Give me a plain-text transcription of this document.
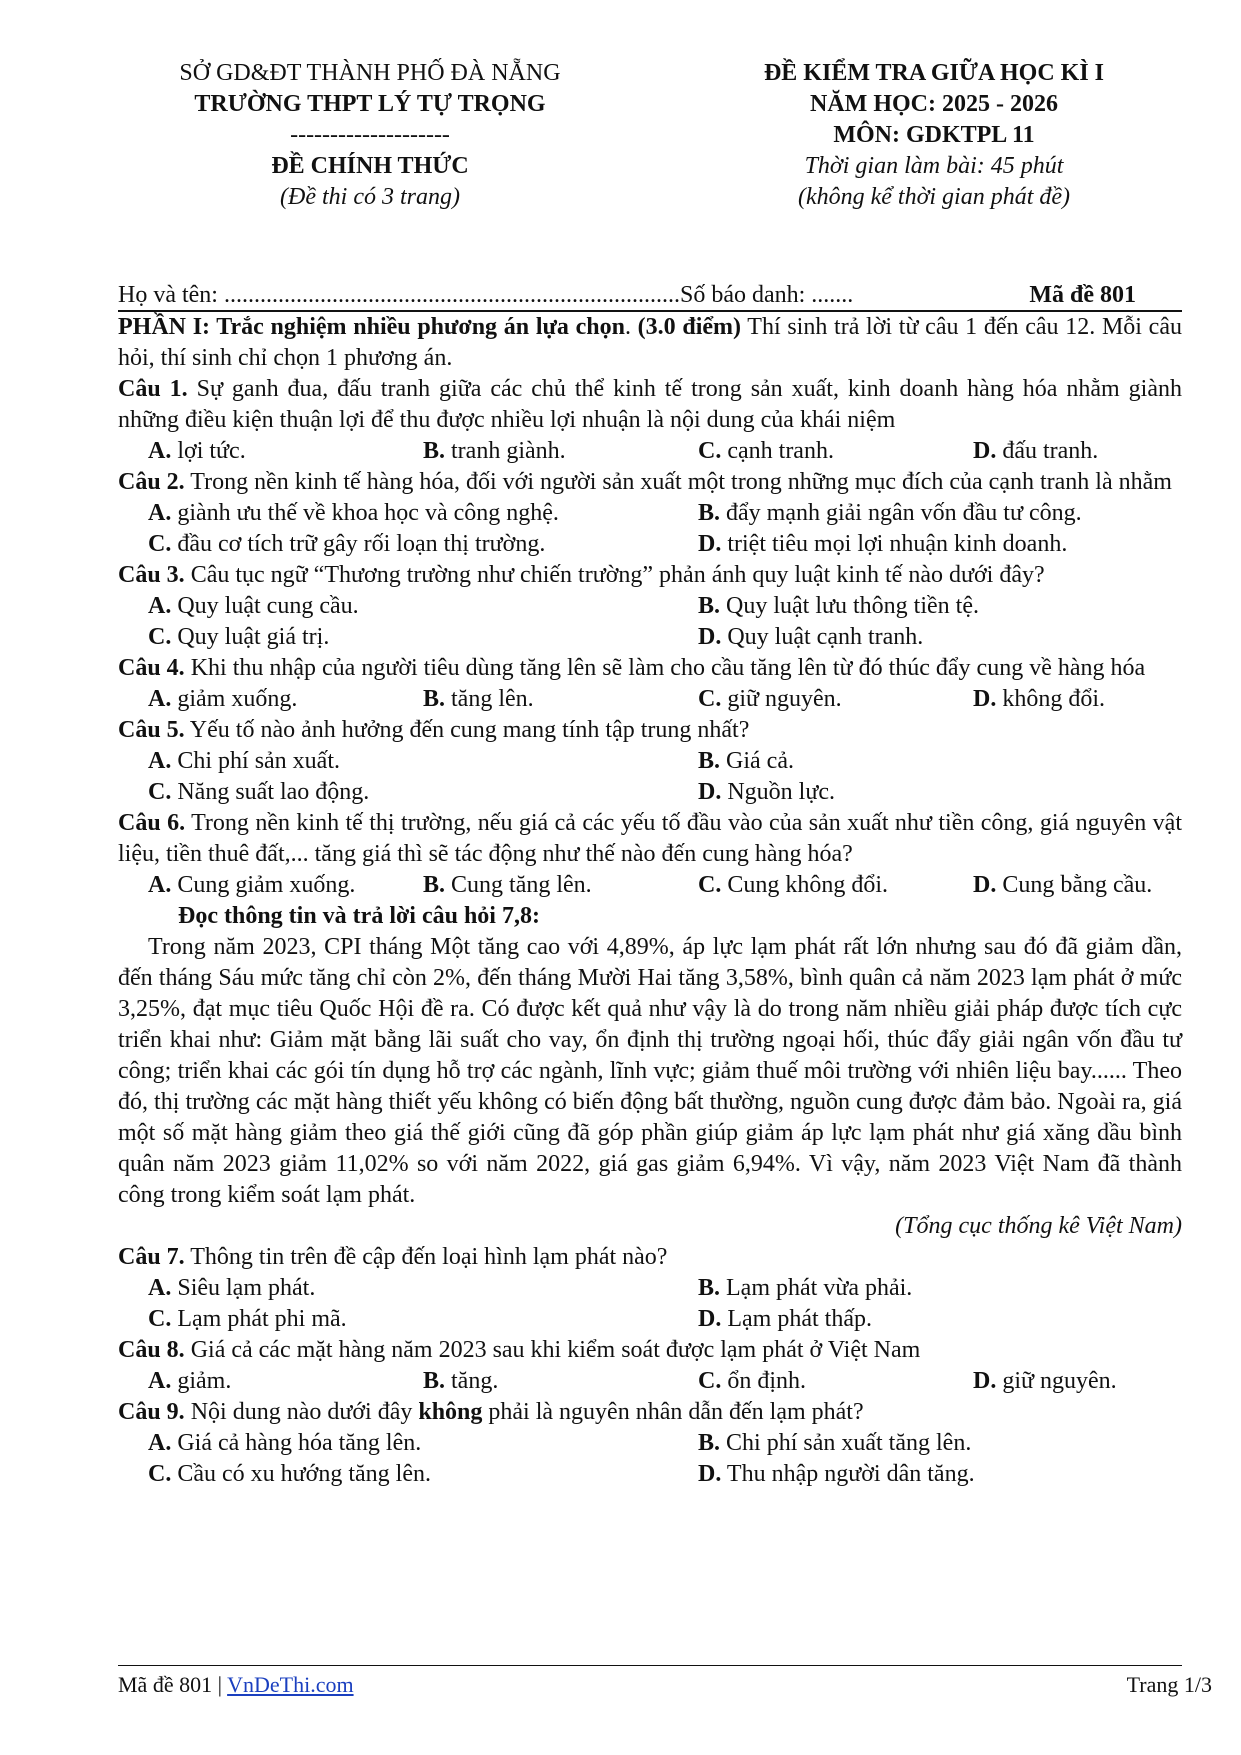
SỞ GD&ĐT THÀNH PHỐ ĐÀ NẴNG
TRƯỜNG THPT LÝ TỰ TRỌNG
--------------------
ĐỀ CHÍNH THỨC
(Đề thi có 3 trang)
ĐỀ KIỂM TRA GIỮA HỌC KÌ I
NĂM HỌC: 2025 - 2026
MÔN: GDKTPL 11
Thời gian làm bài: 45 phút
(không kể thời gian phát đề)
Họ và tên: ............................................................................Số báo danh: .......	Mã đề 801

PHẦN I: Trắc nghiệm nhiều phương án lựa chọn. (3.0 điểm) Thí sinh trả lời từ câu 1 đến câu 12. Mỗi câu hỏi, thí sinh chỉ chọn 1 phương án.

Câu 1. Sự ganh đua, đấu tranh giữa các chủ thể kinh tế trong sản xuất, kinh doanh hàng hóa nhằm giành những điều kiện thuận lợi để thu được nhiều lợi nhuận là nội dung của khái niệm

A. lợi tức.	B. tranh giành.	C. cạnh tranh.	D. đấu tranh.

Câu 2. Trong nền kinh tế hàng hóa, đối với người sản xuất một trong những mục đích của cạnh tranh là nhằm

A. giành ưu thế về khoa học và công nghệ.	B. đẩy mạnh giải ngân vốn đầu tư công.
C. đầu cơ tích trữ gây rối loạn thị trường.	D. triệt tiêu mọi lợi nhuận kinh doanh.

Câu 3. Câu tục ngữ “Thương trường như chiến trường” phản ánh quy luật kinh tế nào dưới đây?

A. Quy luật cung cầu.	B. Quy luật lưu thông tiền tệ.
C. Quy luật giá trị.	D. Quy luật cạnh tranh.

Câu 4. Khi thu nhập của người tiêu dùng tăng lên sẽ làm cho cầu tăng lên từ đó thúc đẩy cung về hàng hóa

A. giảm xuống.	B. tăng lên.	C. giữ nguyên.	D. không đổi.

Câu 5. Yếu tố nào ảnh hưởng đến cung mang tính tập trung nhất?

A. Chi phí sản xuất.	B. Giá cả.
C. Năng suất lao động.	D. Nguồn lực.

Câu 6. Trong nền kinh tế thị trường, nếu giá cả các yếu tố đầu vào của sản xuất như tiền công, giá nguyên vật liệu, tiền thuê đất,... tăng giá thì sẽ tác động như thế nào đến cung hàng hóa?

A. Cung giảm xuống.	B. Cung tăng lên.	C. Cung không đổi.	D. Cung bằng cầu.

Đọc thông tin và trả lời câu hỏi 7,8:

Trong năm 2023, CPI tháng Một tăng cao với 4,89%, áp lực lạm phát rất lớn nhưng sau đó đã giảm dần, đến tháng Sáu mức tăng chỉ còn 2%, đến tháng Mười Hai tăng 3,58%, bình quân cả năm 2023 lạm phát ở mức 3,25%, đạt mục tiêu Quốc Hội đề ra. Có được kết quả như vậy là do trong năm nhiều giải pháp được tích cực triển khai như: Giảm mặt bằng lãi suất cho vay, ổn định thị trường ngoại hối, thúc đẩy giải ngân vốn đầu tư công; triển khai các gói tín dụng hỗ trợ các ngành, lĩnh vực; giảm thuế môi trường với nhiên liệu bay...... Theo đó, thị trường các mặt hàng thiết yếu không có biến động bất thường, nguồn cung được đảm bảo. Ngoài ra, giá một số mặt hàng giảm theo giá thế giới cũng đã góp phần giúp giảm áp lực lạm phát như giá xăng dầu bình quân năm 2023 giảm 11,02% so với năm 2022, giá gas giảm 6,94%. Vì vậy, năm 2023 Việt Nam đã thành công trong kiểm soát lạm phát.

(Tổng cục thống kê Việt Nam)

Câu 7. Thông tin trên đề cập đến loại hình lạm phát nào?

A. Siêu lạm phát.	B. Lạm phát vừa phải.
C. Lạm phát phi mã.	D. Lạm phát thấp.

Câu 8. Giá cả các mặt hàng năm 2023 sau khi kiểm soát được lạm phát ở Việt Nam

A. giảm.	B. tăng.	C. ổn định.	D. giữ nguyên.

Câu 9. Nội dung nào dưới đây không phải là nguyên nhân dẫn đến lạm phát?

A. Giá cả hàng hóa tăng lên.	B. Chi phí sản xuất tăng lên.
C. Cầu có xu hướng tăng lên.	D. Thu nhập người dân tăng.
Mã đề 801 | VnDeThi.com	Trang 1/3
